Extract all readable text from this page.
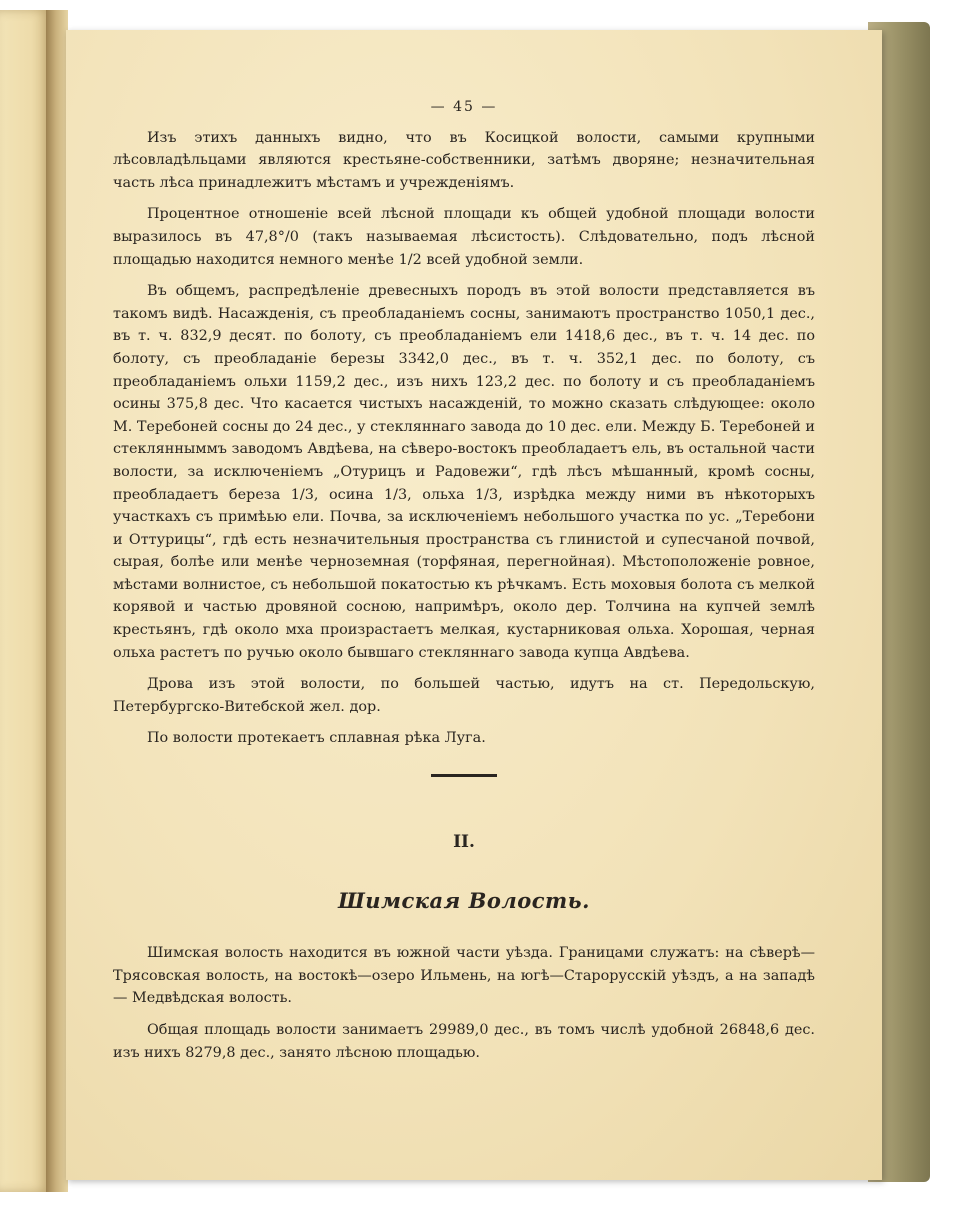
— 45 —

Изъ этихъ данныхъ видно, что въ Косицкой волости, самыми крупными лѣсовладѣльцами являются крестьяне-собственники, затѣмъ дворяне; незначительная часть лѣса принадлежитъ мѣстамъ и учрежденіямъ.

Процентное отношеніе всей лѣсной площади къ общей удобной площади волости выразилось въ 47,8°/0 (такъ называемая лѣсистость). Слѣдовательно, подъ лѣсной площадью находится немного менѣе 1/2 всей удобной земли.

Въ общемъ, распредѣленіе древесныхъ породъ въ этой волости представляется въ такомъ видѣ. Насажденія, съ преобладаніемъ сосны, занимаютъ пространство 1050,1 дес., въ т. ч. 832,9 десят. по болоту, съ преобладаніемъ ели 1418,6 дес., въ т. ч. 14 дес. по болоту, съ преобладаніе березы 3342,0 дес., въ т. ч. 352,1 дес. по болоту, съ преобладаніемъ ольхи 1159,2 дес., изъ нихъ 123,2 дес. по болоту и съ преобладаніемъ осины 375,8 дес. Что касается чистыхъ насажденій, то можно сказать слѣдующее: около М. Теребоней сосны до 24 дес., у стекляннаго завода до 10 дес. ели. Между Б. Теребоней и стеклянныммъ заводомъ Авдѣева, на сѣверо-востокъ преобладаетъ ель, въ остальной части волости, за исключеніемъ „Отурицъ и Радовежи“, гдѣ лѣсъ мѣшанный, кромѣ сосны, преобладаетъ береза 1/3, осина 1/3, ольха 1/3, изрѣдка между ними въ нѣкоторыхъ участкахъ съ примѣью ели. Почва, за исключеніемъ небольшого участка по ус. „Теребони и Оттурицы“, гдѣ есть незначительныя пространства съ глинистой и супесчаной почвой, сырая, болѣе или менѣе черноземная (торфяная, перегнойная). Мѣстоположеніе ровное, мѣстами волнистое, съ небольшой покатостью къ рѣчкамъ. Есть моховыя болота съ мелкой корявой и частью дровяной сосною, напримѣръ, около дер. Толчина на купчей землѣ крестьянъ, гдѣ около мха произрастаетъ мелкая, кустарниковая ольха. Хорошая, черная ольха растетъ по ручью около бывшаго стекляннаго завода купца Авдѣева.

Дрова изъ этой волости, по большей частью, идутъ на ст. Передольскую, Петербургско-Витебской жел. дор.

По волости протекаетъ сплавная рѣка Луга.

II.
Шимская Волость.

Шимская волость находится въ южной части уѣзда. Границами служатъ: на сѣверѣ—Трясовская волость, на востокѣ—озеро Ильмень, на югѣ—Старорусскій уѣздъ, а на западѣ— Медвѣдская волость.

Общая площадь волости занимаетъ 29989,0 дес., въ томъ числѣ удобной 26848,6 дес. изъ нихъ 8279,8 дес., занято лѣсною площадью.
